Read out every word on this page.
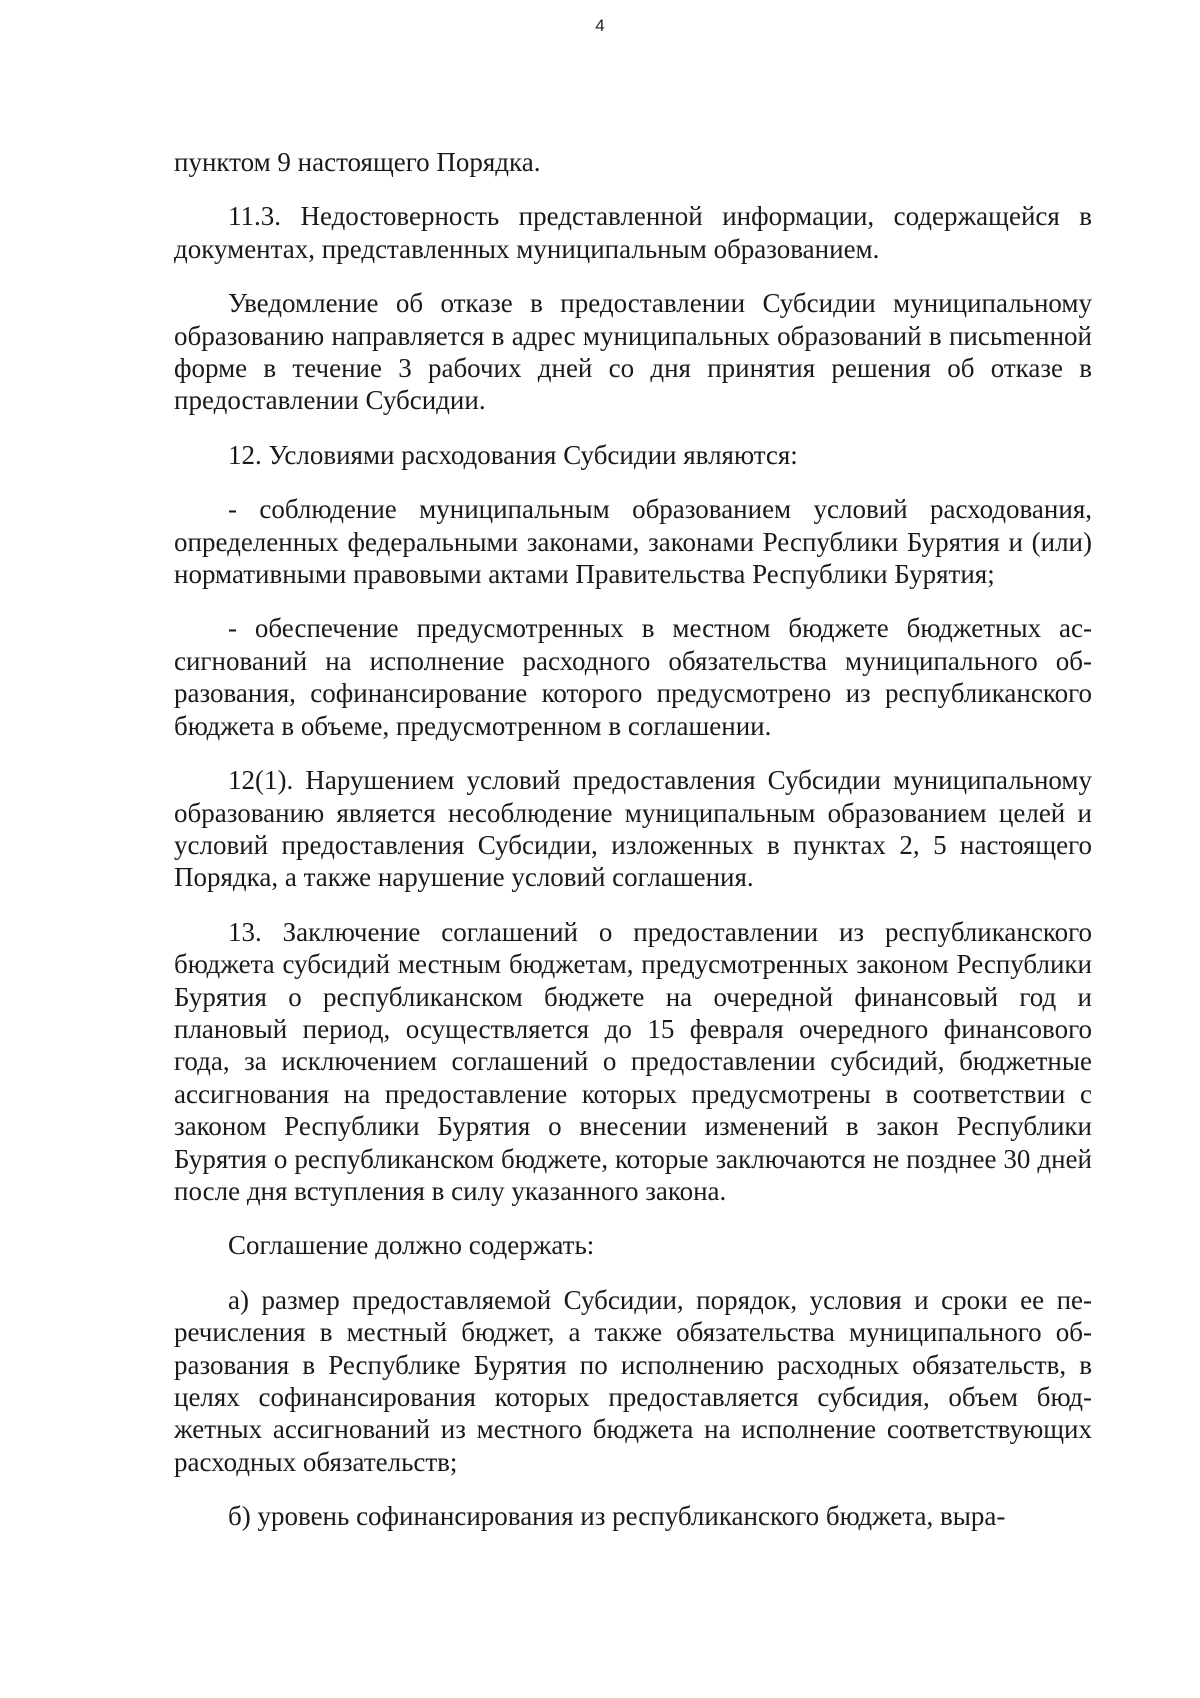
4

пунктом 9 настоящего Порядка.

11.3. Недостоверность представленной информации, содержащейся в документах, представленных муниципальным образованием.

Уведомление об отказе в предоставлении Субсидии муниципальному образованию направляется в адрес муниципальных образований в письmенной форме в течение 3 рабочих дней со дня принятия решения об отказе в предоставлении Субсидии.

12. Условиями расходования Субсидии являются:

- соблюдение муниципальным образованием условий расходования, определенных федеральными законами, законами Республики Бурятия и (или) нормативными правовыми актами Правительства Республики Бурятия;

- обеспечение предусмотренных в местном бюджете бюджетных ассигнований на исполнение расходного обязательства муниципального образования, софинансирование которого предусмотрено из республиканского бюджета в объеме, предусмотренном в соглашении.

12(1). Нарушением условий предоставления Субсидии муниципальному образованию является несоблюдение муниципальным образованием целей и условий предоставления Субсидии, изложенных в пунктах 2, 5 настоящего Порядка, а также нарушение условий соглашения.

13. Заключение соглашений о предоставлении из республиканского бюджета субсидий местным бюджетам, предусмотренных законом Республики Бурятия о республиканском бюджете на очередной финансовый год и плановый период, осуществляется до 15 февраля очередного финансового года, за исключением соглашений о предоставлении субсидий, бюджетные ассигнования на предоставление которых предусмотрены в соответствии с законом Республики Бурятия о внесении изменений в закон Республики Бурятия о республиканском бюджете, которые заключаются не позднее 30 дней после дня вступления в силу указанного закона.

Соглашение должно содержать:

а) размер предоставляемой Субсидии, порядок, условия и сроки ее перечисления в местный бюджет, а также обязательства муниципального образования в Республике Бурятия по исполнению расходных обязательств, в целях софинансирования которых предоставляется субсидия, объем бюджетных ассигнований из местного бюджета на исполнение соответствующих расходных обязательств;

б) уровень софинансирования из республиканского бюджета, выра-
